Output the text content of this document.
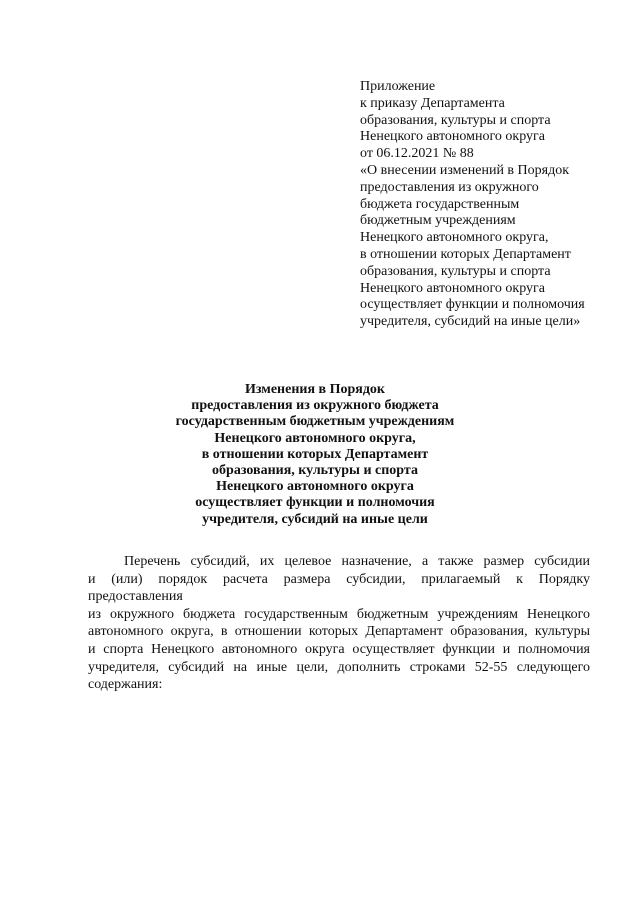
Приложение
к приказу Департамента
образования, культуры и спорта
Ненецкого автономного округа
от 06.12.2021 № 88
«О внесении изменений в Порядок
предоставления из окружного
бюджета государственным
бюджетным учреждениям
Ненецкого автономного округа,
в отношении которых Департамент
образования, культуры и спорта
Ненецкого автономного округа
осуществляет функции и полномочия
учредителя, субсидий на иные цели»
Изменения в Порядок
предоставления из окружного бюджета
государственным бюджетным учреждениям
Ненецкого автономного округа,
в отношении которых Департамент
образования, культуры и спорта
Ненецкого автономного округа
осуществляет функции и полномочия
учредителя, субсидий на иные цели
Перечень субсидий, их целевое назначение, а также размер субсидии
и (или) порядок расчета размера субсидии, прилагаемый к Порядку предоставления
из окружного бюджета государственным бюджетным учреждениям Ненецкого
автономного округа, в отношении которых Департамент образования, культуры
и спорта Ненецкого автономного округа осуществляет функции и полномочия
учредителя, субсидий на иные цели, дополнить строками 52-55 следующего
содержания:
